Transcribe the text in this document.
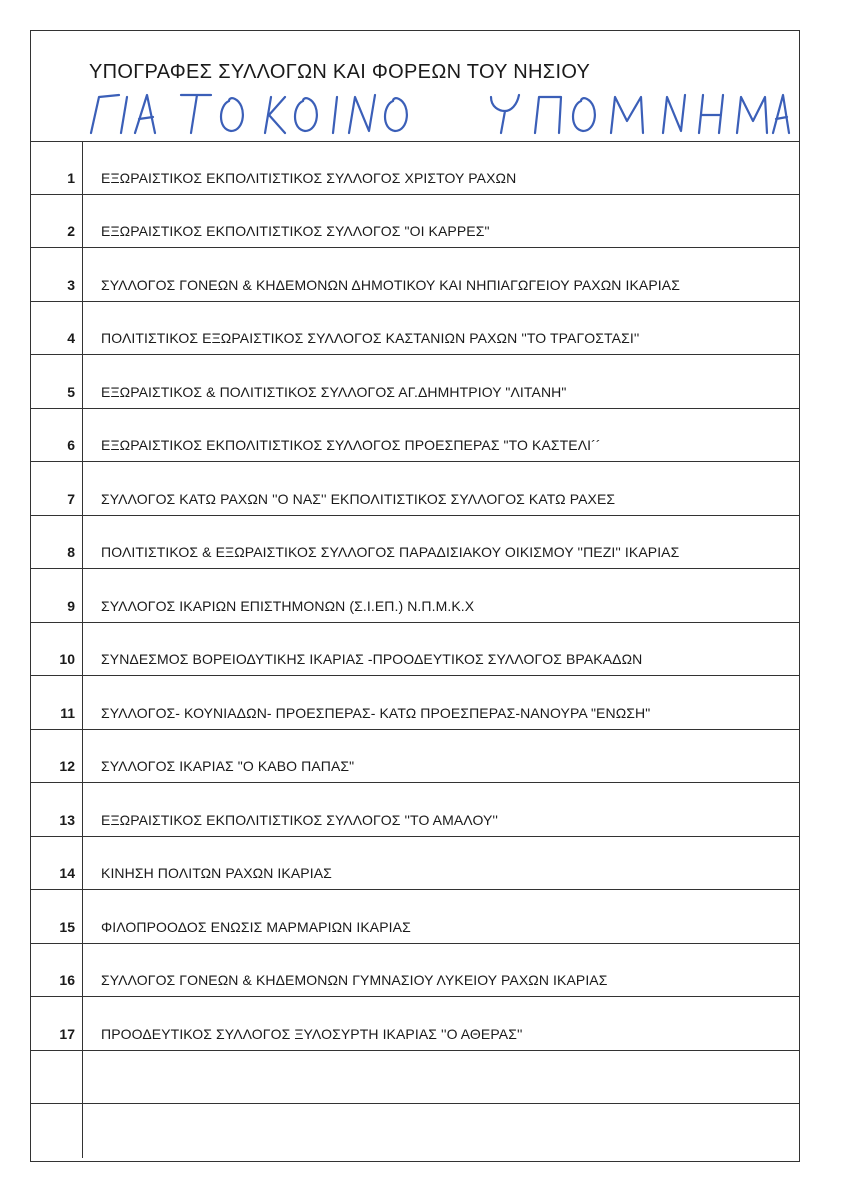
ΥΠΟΓΡΑΦΕΣ ΣΥΛΛΟΓΩΝ ΚΑΙ ΦΟΡΕΩΝ ΤΟΥ ΝΗΣΙΟΥ
1	ΕΞΩΡΑΙΣΤΙΚΟΣ ΕΚΠΟΛΙΤΙΣΤΙΚΟΣ ΣΥΛΛΟΓΟΣ ΧΡΙΣΤΟΥ ΡΑΧΩΝ
2	ΕΞΩΡΑΙΣΤΙΚΟΣ ΕΚΠΟΛΙΤΙΣΤΙΚΟΣ ΣΥΛΛΟΓΟΣ "ΟΙ ΚΑΡΡΕΣ"
3	ΣΥΛΛΟΓΟΣ ΓΟΝΕΩΝ & ΚΗΔΕΜΟΝΩΝ ΔΗΜΟΤΙΚΟΥ ΚΑΙ ΝΗΠΙΑΓΩΓΕΙΟΥ ΡΑΧΩΝ ΙΚΑΡΙΑΣ
4	ΠΟΛΙΤΙΣΤΙΚΟΣ ΕΞΩΡΑΙΣΤΙΚΟΣ ΣΥΛΛΟΓΟΣ ΚΑΣΤΑΝΙΩΝ ΡΑΧΩΝ ''ΤΟ ΤΡΑΓΟΣΤΑΣΙ''
5	ΕΞΩΡΑΙΣΤΙΚΟΣ & ΠΟΛΙΤΙΣΤΙΚΟΣ ΣΥΛΛΟΓΟΣ ΑΓ.ΔΗΜΗΤΡΙΟΥ "ΛΙΤΑΝΗ"
6	ΕΞΩΡΑΙΣΤΙΚΟΣ ΕΚΠΟΛΙΤΙΣΤΙΚΟΣ ΣΥΛΛΟΓΟΣ ΠΡΟΕΣΠΕΡΑΣ "ΤΟ ΚΑΣΤΕΛΙ´´
7	ΣΥΛΛΟΓΟΣ ΚΑΤΩ ΡΑΧΩΝ ''Ο ΝΑΣ'' ΕΚΠΟΛΙΤΙΣΤΙΚΟΣ ΣΥΛΛΟΓΟΣ ΚΑΤΩ ΡΑΧΕΣ
8	ΠΟΛΙΤΙΣΤΙΚΟΣ & ΕΞΩΡΑΙΣΤΙΚΟΣ ΣΥΛΛΟΓΟΣ ΠΑΡΑΔΙΣΙΑΚΟΥ ΟΙΚΙΣΜΟΥ ''ΠΕΖΙ'' ΙΚΑΡΙΑΣ
9	ΣΥΛΛΟΓΟΣ ΙΚΑΡΙΩΝ ΕΠΙΣΤΗΜΟΝΩΝ (Σ.Ι.ΕΠ.) Ν.Π.Μ.Κ.Χ
10	ΣΥΝΔΕΣΜΟΣ ΒΟΡΕΙΟΔΥΤΙΚΗΣ ΙΚΑΡΙΑΣ -ΠΡΟΟΔΕΥΤΙΚΟΣ ΣΥΛΛΟΓΟΣ ΒΡΑΚΑΔΩΝ
11	ΣΥΛΛΟΓΟΣ- ΚΟΥΝΙΑΔΩΝ- ΠΡΟΕΣΠΕΡΑΣ- ΚΑΤΩ ΠΡΟΕΣΠΕΡΑΣ-ΝΑΝΟΥΡΑ "ΕΝΩΣΗ"
12	ΣΥΛΛΟΓΟΣ ΙΚΑΡΙΑΣ "Ο ΚΑΒΟ ΠΑΠΑΣ"
13	ΕΞΩΡΑΙΣΤΙΚΟΣ ΕΚΠΟΛΙΤΙΣΤΙΚΟΣ ΣΥΛΛΟΓΟΣ ''ΤΟ ΑΜΑΛΟΥ''
14	ΚΙΝΗΣΗ ΠΟΛΙΤΩΝ ΡΑΧΩΝ ΙΚΑΡΙΑΣ
15	ΦΙΛΟΠΡΟΟΔΟΣ ΕΝΩΣΙΣ ΜΑΡΜΑΡΙΩΝ ΙΚΑΡΙΑΣ
16	ΣΥΛΛΟΓΟΣ ΓΟΝΕΩΝ & ΚΗΔΕΜΟΝΩΝ ΓΥΜΝΑΣΙΟΥ ΛΥΚΕΙΟΥ ΡΑΧΩΝ ΙΚΑΡΙΑΣ
17	ΠΡΟΟΔΕΥΤΙΚΟΣ ΣΥΛΛΟΓΟΣ ΞΥΛΟΣΥΡΤΗ ΙΚΑΡΙΑΣ ''Ο ΑΘΕΡΑΣ''
